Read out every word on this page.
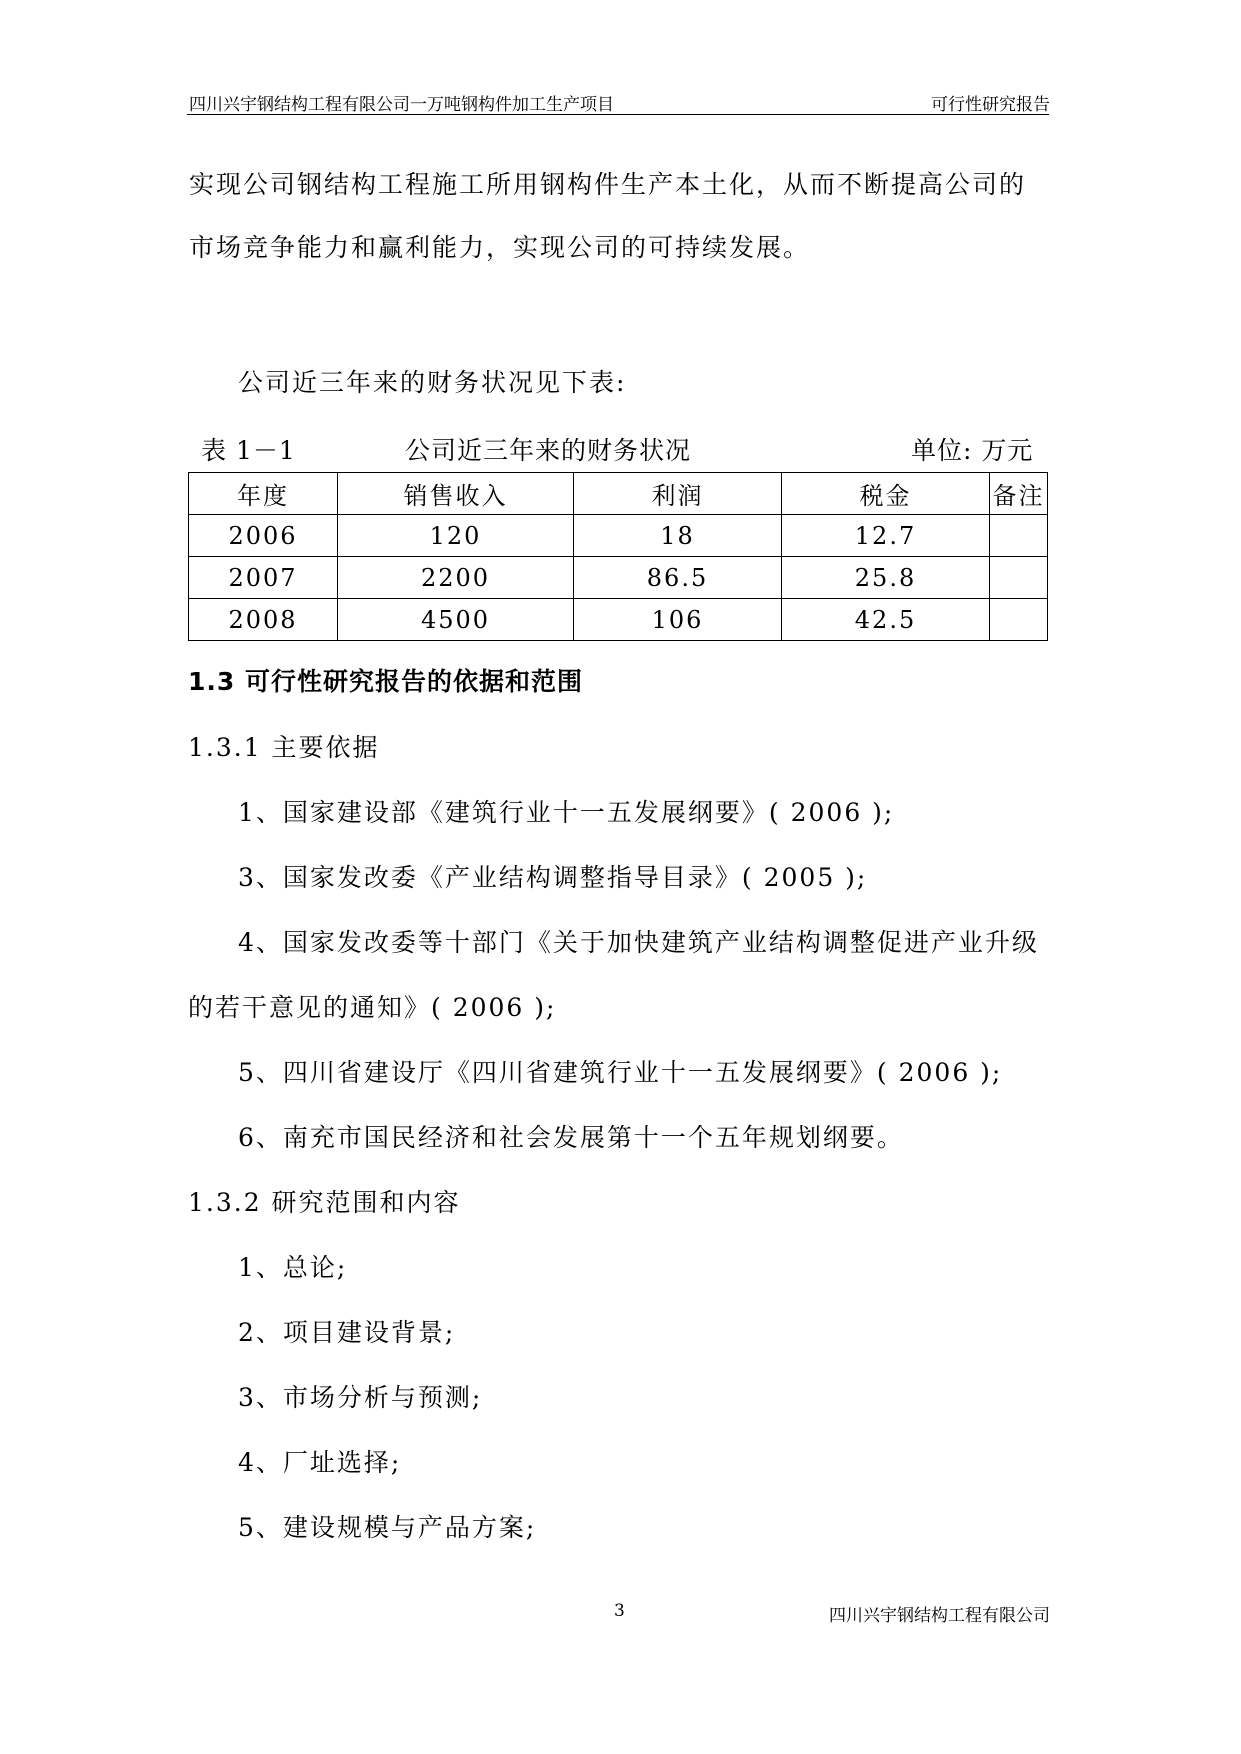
四川兴宇钢结构工程有限公司一万吨钢构件加工生产项目	可行性研究报告
实现公司钢结构工程施工所用钢构件生产本土化，从而不断提高公司的
市场竞争能力和赢利能力，实现公司的可持续发展。
公司近三年来的财务状况见下表:
表 1－1	公司近三年来的财务状况	单位: 万元
年度	销售收入	利润	税金	备注
2006	120	18	12.7	
2007	2200	86.5	25.8	
2008	4500	106	42.5	
1.3 可行性研究报告的依据和范围
1.3.1 主要依据
1、国家建设部《建筑行业十一五发展纲要》( 2006 );
3、国家发改委《产业结构调整指导目录》( 2005 );
4、国家发改委等十部门《关于加快建筑产业结构调整促进产业升级
的若干意见的通知》( 2006 );
5、四川省建设厅《四川省建筑行业十一五发展纲要》( 2006 );
6、南充市国民经济和社会发展第十一个五年规划纲要。
1.3.2 研究范围和内容
1、总论;
2、项目建设背景;
3、市场分析与预测;
4、厂址选择;
5、建设规模与产品方案;
3	四川兴宇钢结构工程有限公司
